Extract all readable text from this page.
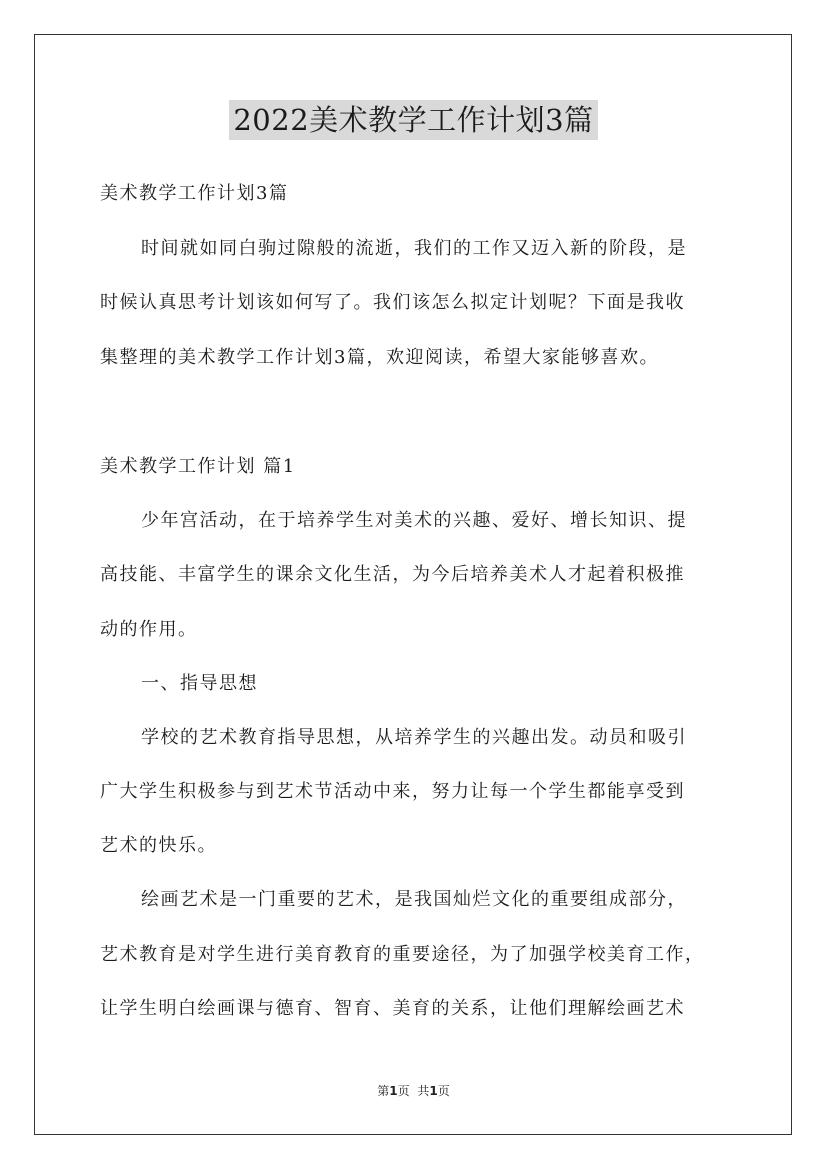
2022美术教学工作计划3篇
美术教学工作计划3篇
时间就如同白驹过隙般的流逝，我们的工作又迈入新的阶段，是
时候认真思考计划该如何写了。我们该怎么拟定计划呢？下面是我收
集整理的美术教学工作计划3篇，欢迎阅读，希望大家能够喜欢。
美术教学工作计划 篇1
少年宫活动，在于培养学生对美术的兴趣、爱好、增长知识、提
高技能、丰富学生的课余文化生活，为今后培养美术人才起着积极推
动的作用。
一、指导思想
学校的艺术教育指导思想，从培养学生的兴趣出发。动员和吸引
广大学生积极参与到艺术节活动中来，努力让每一个学生都能享受到
艺术的快乐。
绘画艺术是一门重要的艺术，是我国灿烂文化的重要组成部分，
艺术教育是对学生进行美育教育的重要途径，为了加强学校美育工作，
让学生明白绘画课与德育、智育、美育的关系，让他们理解绘画艺术
第1页 共1页
